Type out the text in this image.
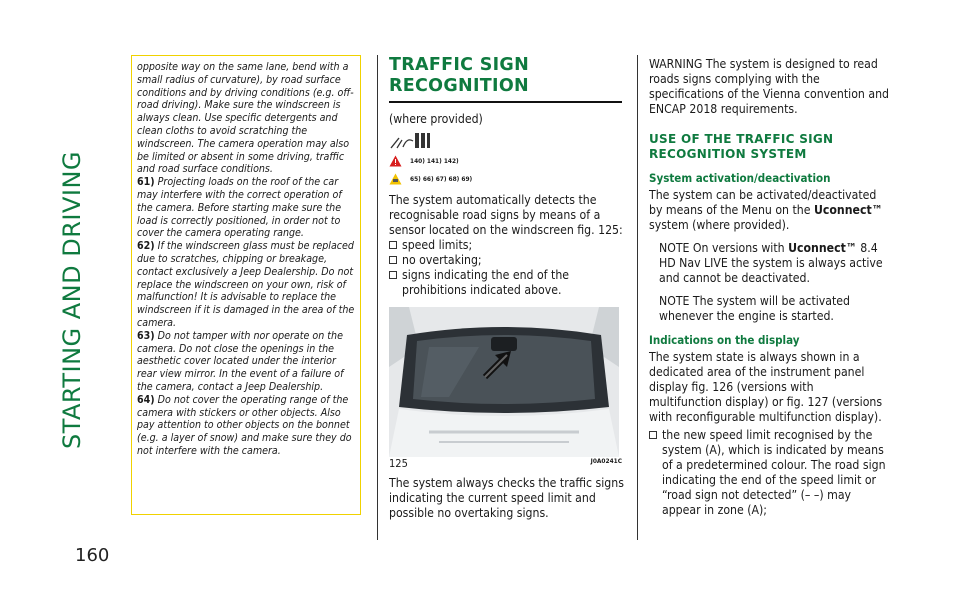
STARTING AND DRIVING
160

opposite way on the same lane, bend with a small radius of curvature), by road surface conditions and by driving conditions (e.g. off-road driving). Make sure the windscreen is always clean. Use specific detergents and clean cloths to avoid scratching the windscreen. The camera operation may also be limited or absent in some driving, traffic and road surface conditions.

61) Projecting loads on the roof of the car may interfere with the correct operation of the camera. Before starting make sure the load is correctly positioned, in order not to cover the camera operating range.

62) If the windscreen glass must be replaced due to scratches, chipping or breakage, contact exclusively a Jeep Dealership. Do not replace the windscreen on your own, risk of malfunction! It is advisable to replace the windscreen if it is damaged in the area of the camera.

63) Do not tamper with nor operate on the camera. Do not close the openings in the aesthetic cover located under the interior rear view mirror. In the event of a failure of the camera, contact a Jeep Dealership.

64) Do not cover the operating range of the camera with stickers or other objects. Also pay attention to other objects on the bonnet (e.g. a layer of snow) and make sure they do not interfere with the camera.

TRAFFIC SIGN
RECOGNITION

(where provided)

140) 141) 142)
65) 66) 67) 68) 69)

The system automatically detects the recognisable road signs by means of a sensor located on the windscreen fig. 125:

speed limits;
no overtaking;
signs indicating the end of the prohibitions indicated above.
125	J0A0241C

The system always checks the traffic signs indicating the current speed limit and possible no overtaking signs.

WARNING The system is designed to read roads signs complying with the specifications of the Vienna convention and ENCAP 2018 requirements.

USE OF THE TRAFFIC SIGN
RECOGNITION SYSTEM
System activation/deactivation

The system can be activated/deactivated by means of the Menu on the Uconnect™ system (where provided).

NOTE On versions with Uconnect™ 8.4 HD Nav LIVE the system is always active and cannot be deactivated.

NOTE The system will be activated whenever the engine is started.

Indications on the display

The system state is always shown in a dedicated area of the instrument panel display fig. 126 (versions with multifunction display) or fig. 127 (versions with reconfigurable multifunction display).

the new speed limit recognised by the system (A), which is indicated by means of a predetermined colour. The road sign indicating the end of the speed limit or “road sign not detected” (– –) may appear in zone (A);
